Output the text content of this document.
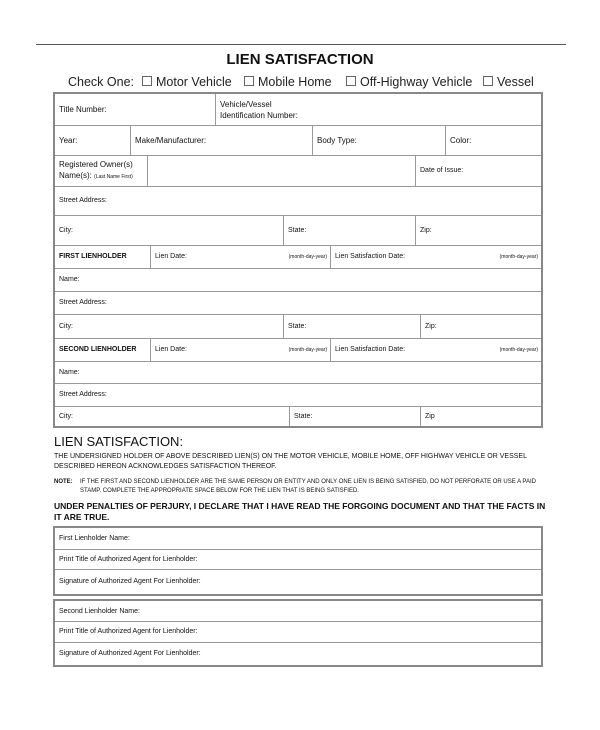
LIEN SATISFACTION
Check One:	Motor Vehicle	Mobile Home	Off-Highway Vehicle	Vessel
Title Number:
Vehicle/Vessel
Identification Number:
Year:	Make/Manufacturer:	Body Type:	Color:
Registered Owner(s)
Name(s): (Last Name First)
Date of Issue:
Street Address:
City:	State:	Zip:
FIRST LIENHOLDER	Lien Date:	(month-day-year) Lien Satisfaction Date:	(month-day-year)
Name:
Street Address:
City:	State:	Zip:
SECOND LIENHOLDER	Lien Date:	(month-day-year) Lien Satisfaction Date:	(month-day-year)
Name:
Street Address:
City:	State:	Zip
LIEN SATISFACTION:
THE UNDERSIGNED HOLDER OF ABOVE DESCRIBED LIEN(S) ON THE MOTOR VEHICLE, MOBILE HOME, OFF HIGHWAY VEHICLE OR VESSEL DESCRIBED HEREON ACKNOWLEDGES SATISFACTION THEREOF.
NOTE:	IF THE FIRST AND SECOND LIENHOLDER ARE THE SAME PERSON OR ENTITY AND ONLY ONE LIEN IS BEING SATISFIED, DO NOT PERFORATE OR USE A PAID STAMP. COMPLETE THE APPROPRIATE SPACE BELOW FOR THE LIEN THAT IS BEING SATISFIED.
UNDER PENALTIES OF PERJURY, I DECLARE THAT I HAVE READ THE FORGOING DOCUMENT AND THAT THE FACTS IN IT ARE TRUE.
First Lienholder Name:
Print Title of Authorized Agent for Lienholder:
Signature of Authorized Agent For Lienholder:
Second Lienholder Name:
Print Title of Authorized Agent for Lienholder:
Signature of Authorized Agent For Lienholder:
